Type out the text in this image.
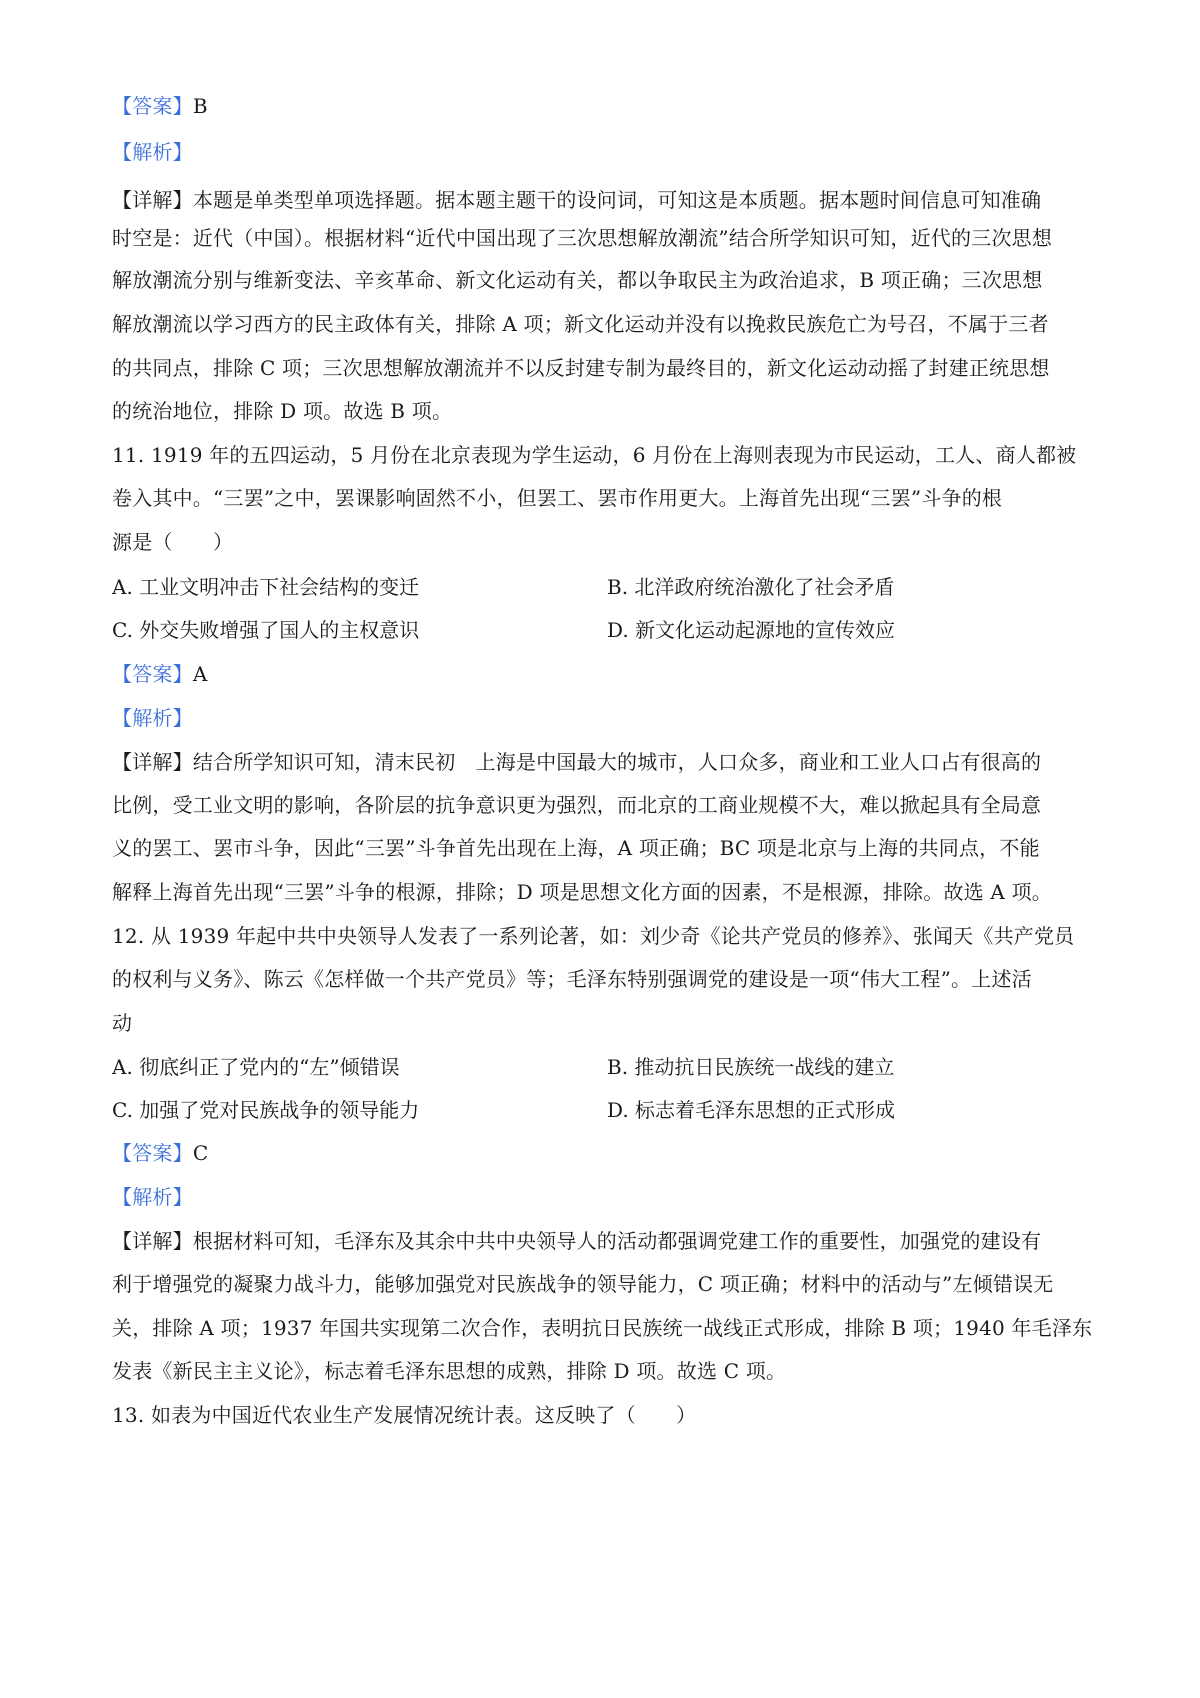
【答案】B
【解析】
【详解】本题是单类型单项选择题。据本题主题干的设问词，可知这是本质题。据本题时间信息可知准确
时空是：近代（中国）。根据材料“近代中国出现了三次思想解放潮流”结合所学知识可知，近代的三次思想
解放潮流分别与维新变法、辛亥革命、新文化运动有关，都以争取民主为政治追求，B 项正确；三次思想
解放潮流以学习西方的民主政体有关，排除 A 项；新文化运动并没有以挽救民族危亡为号召，不属于三者
的共同点，排除 C 项；三次思想解放潮流并不以反封建专制为最终目的，新文化运动动摇了封建正统思想
的统治地位，排除 D 项。故选 B 项。
11. 1919 年的五四运动，5 月份在北京表现为学生运动，6 月份在上海则表现为市民运动，工人、商人都被
卷入其中。“三罢”之中，罢课影响固然不小，但罢工、罢市作用更大。上海首先出现“三罢”斗争的根
源是（　　）
A. 工业文明冲击下社会结构的变迁	B. 北洋政府统治激化了社会矛盾
C. 外交失败增强了国人的主权意识	D. 新文化运动起源地的宣传效应
【答案】A
【解析】
【详解】结合所学知识可知，清末民初　上海是中国最大的城市，人口众多，商业和工业人口占有很高的
比例，受工业文明的影响，各阶层的抗争意识更为强烈，而北京的工商业规模不大，难以掀起具有全局意
义的罢工、罢市斗争，因此“三罢”斗争首先出现在上海，A 项正确；BC 项是北京与上海的共同点，不能
解释上海首先出现“三罢”斗争的根源，排除；D 项是思想文化方面的因素，不是根源，排除。故选 A 项。
12. 从 1939 年起中共中央领导人发表了一系列论著，如：刘少奇《论共产党员的修养》、张闻天《共产党员
的权利与义务》、陈云《怎样做一个共产党员》等；毛泽东特别强调党的建设是一项“伟大工程”。上述活
动
A. 彻底纠正了党内的“左”倾错误	B. 推动抗日民族统一战线的建立
C. 加强了党对民族战争的领导能力	D. 标志着毛泽东思想的正式形成
【答案】C
【解析】
【详解】根据材料可知，毛泽东及其余中共中央领导人的活动都强调党建工作的重要性，加强党的建设有
利于增强党的凝聚力战斗力，能够加强党对民族战争的领导能力，C 项正确；材料中的活动与”左倾错误无
关，排除 A 项；1937 年国共实现第二次合作，表明抗日民族统一战线正式形成，排除 B 项；1940 年毛泽东
发表《新民主主义论》，标志着毛泽东思想的成熟，排除 D 项。故选 C 项。
13. 如表为中国近代农业生产发展情况统计表。这反映了（　　）
